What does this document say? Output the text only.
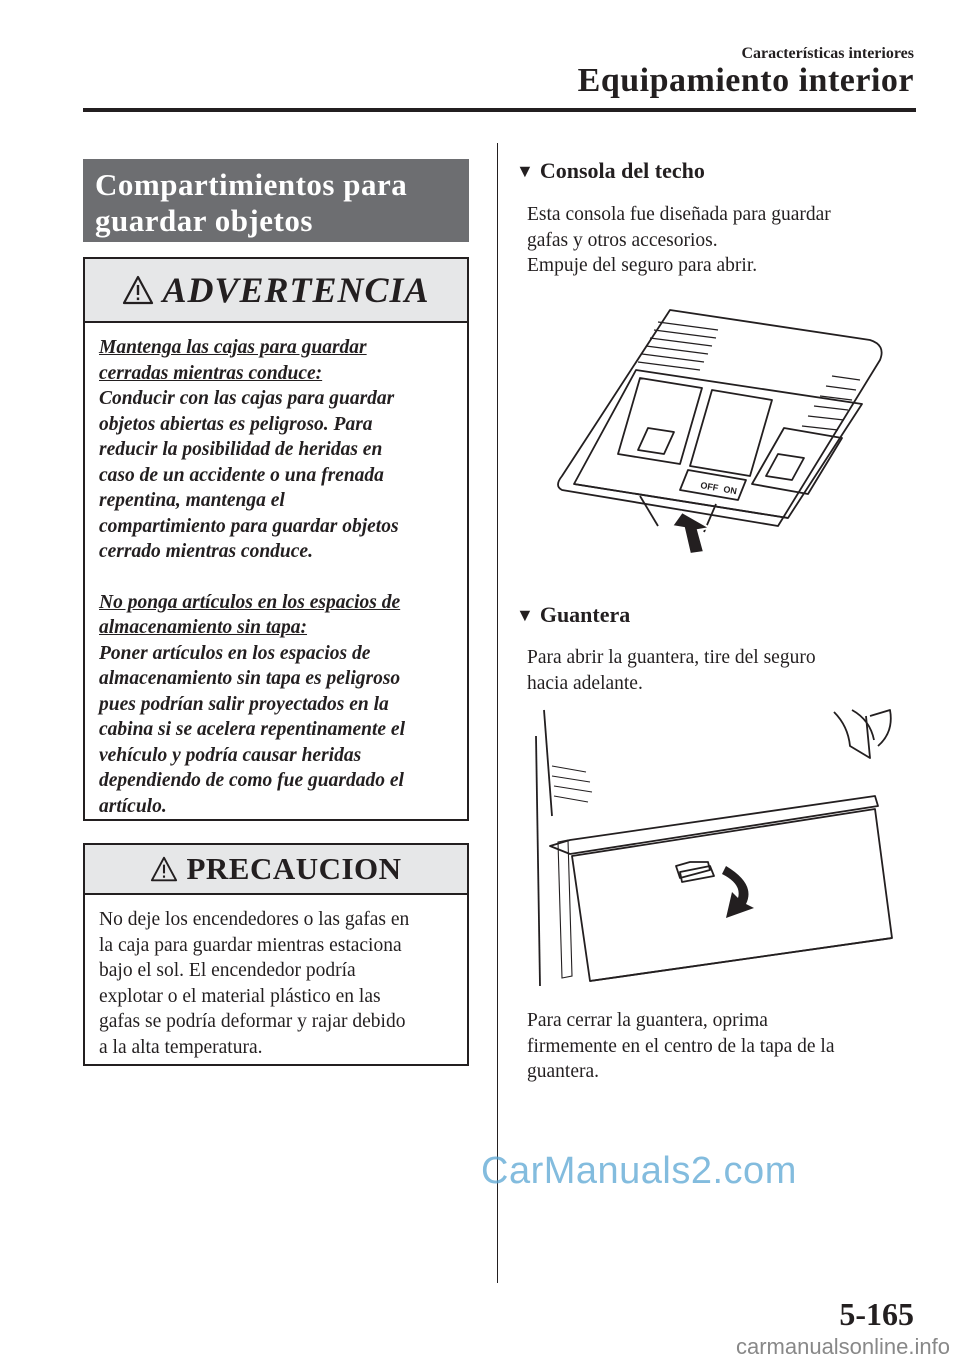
Características interiores
Equipamiento interior
Compartimientos para
guardar objetos
ADVERTENCIA

Mantenga las cajas para guardar

cerradas mientras conduce:

Conducir con las cajas para guardar

objetos abiertas es peligroso. Para

reducir la posibilidad de heridas en

caso de un accidente o una frenada

repentina, mantenga el

compartimiento para guardar objetos

cerrado mientras conduce.

No ponga artículos en los espacios de

almacenamiento sin tapa:

Poner artículos en los espacios de

almacenamiento sin tapa es peligroso

pues podrían salir proyectados en la

cabina si se acelera repentinamente el

vehículo y podría causar heridas

dependiendo de como fue guardado el

artículo.

PRECAUCION
No deje los encendedores o las gafas en
la caja para guardar mientras estaciona
bajo el sol. El encendedor podría
explotar o el material plástico en las
gafas se podría deformar y rajar debido
a la alta temperatura.
▼ Consola del techo
Esta consola fue diseñada para guardar
gafas y otros accesorios.
Empuje del seguro para abrir.
OFF ON
▼ Guantera
Para abrir la guantera, tire del seguro
hacia adelante.
Para cerrar la guantera, oprima
firmemente en el centro de la tapa de la
guantera.
CarManuals2.com
5-165
carmanualsonline.info
